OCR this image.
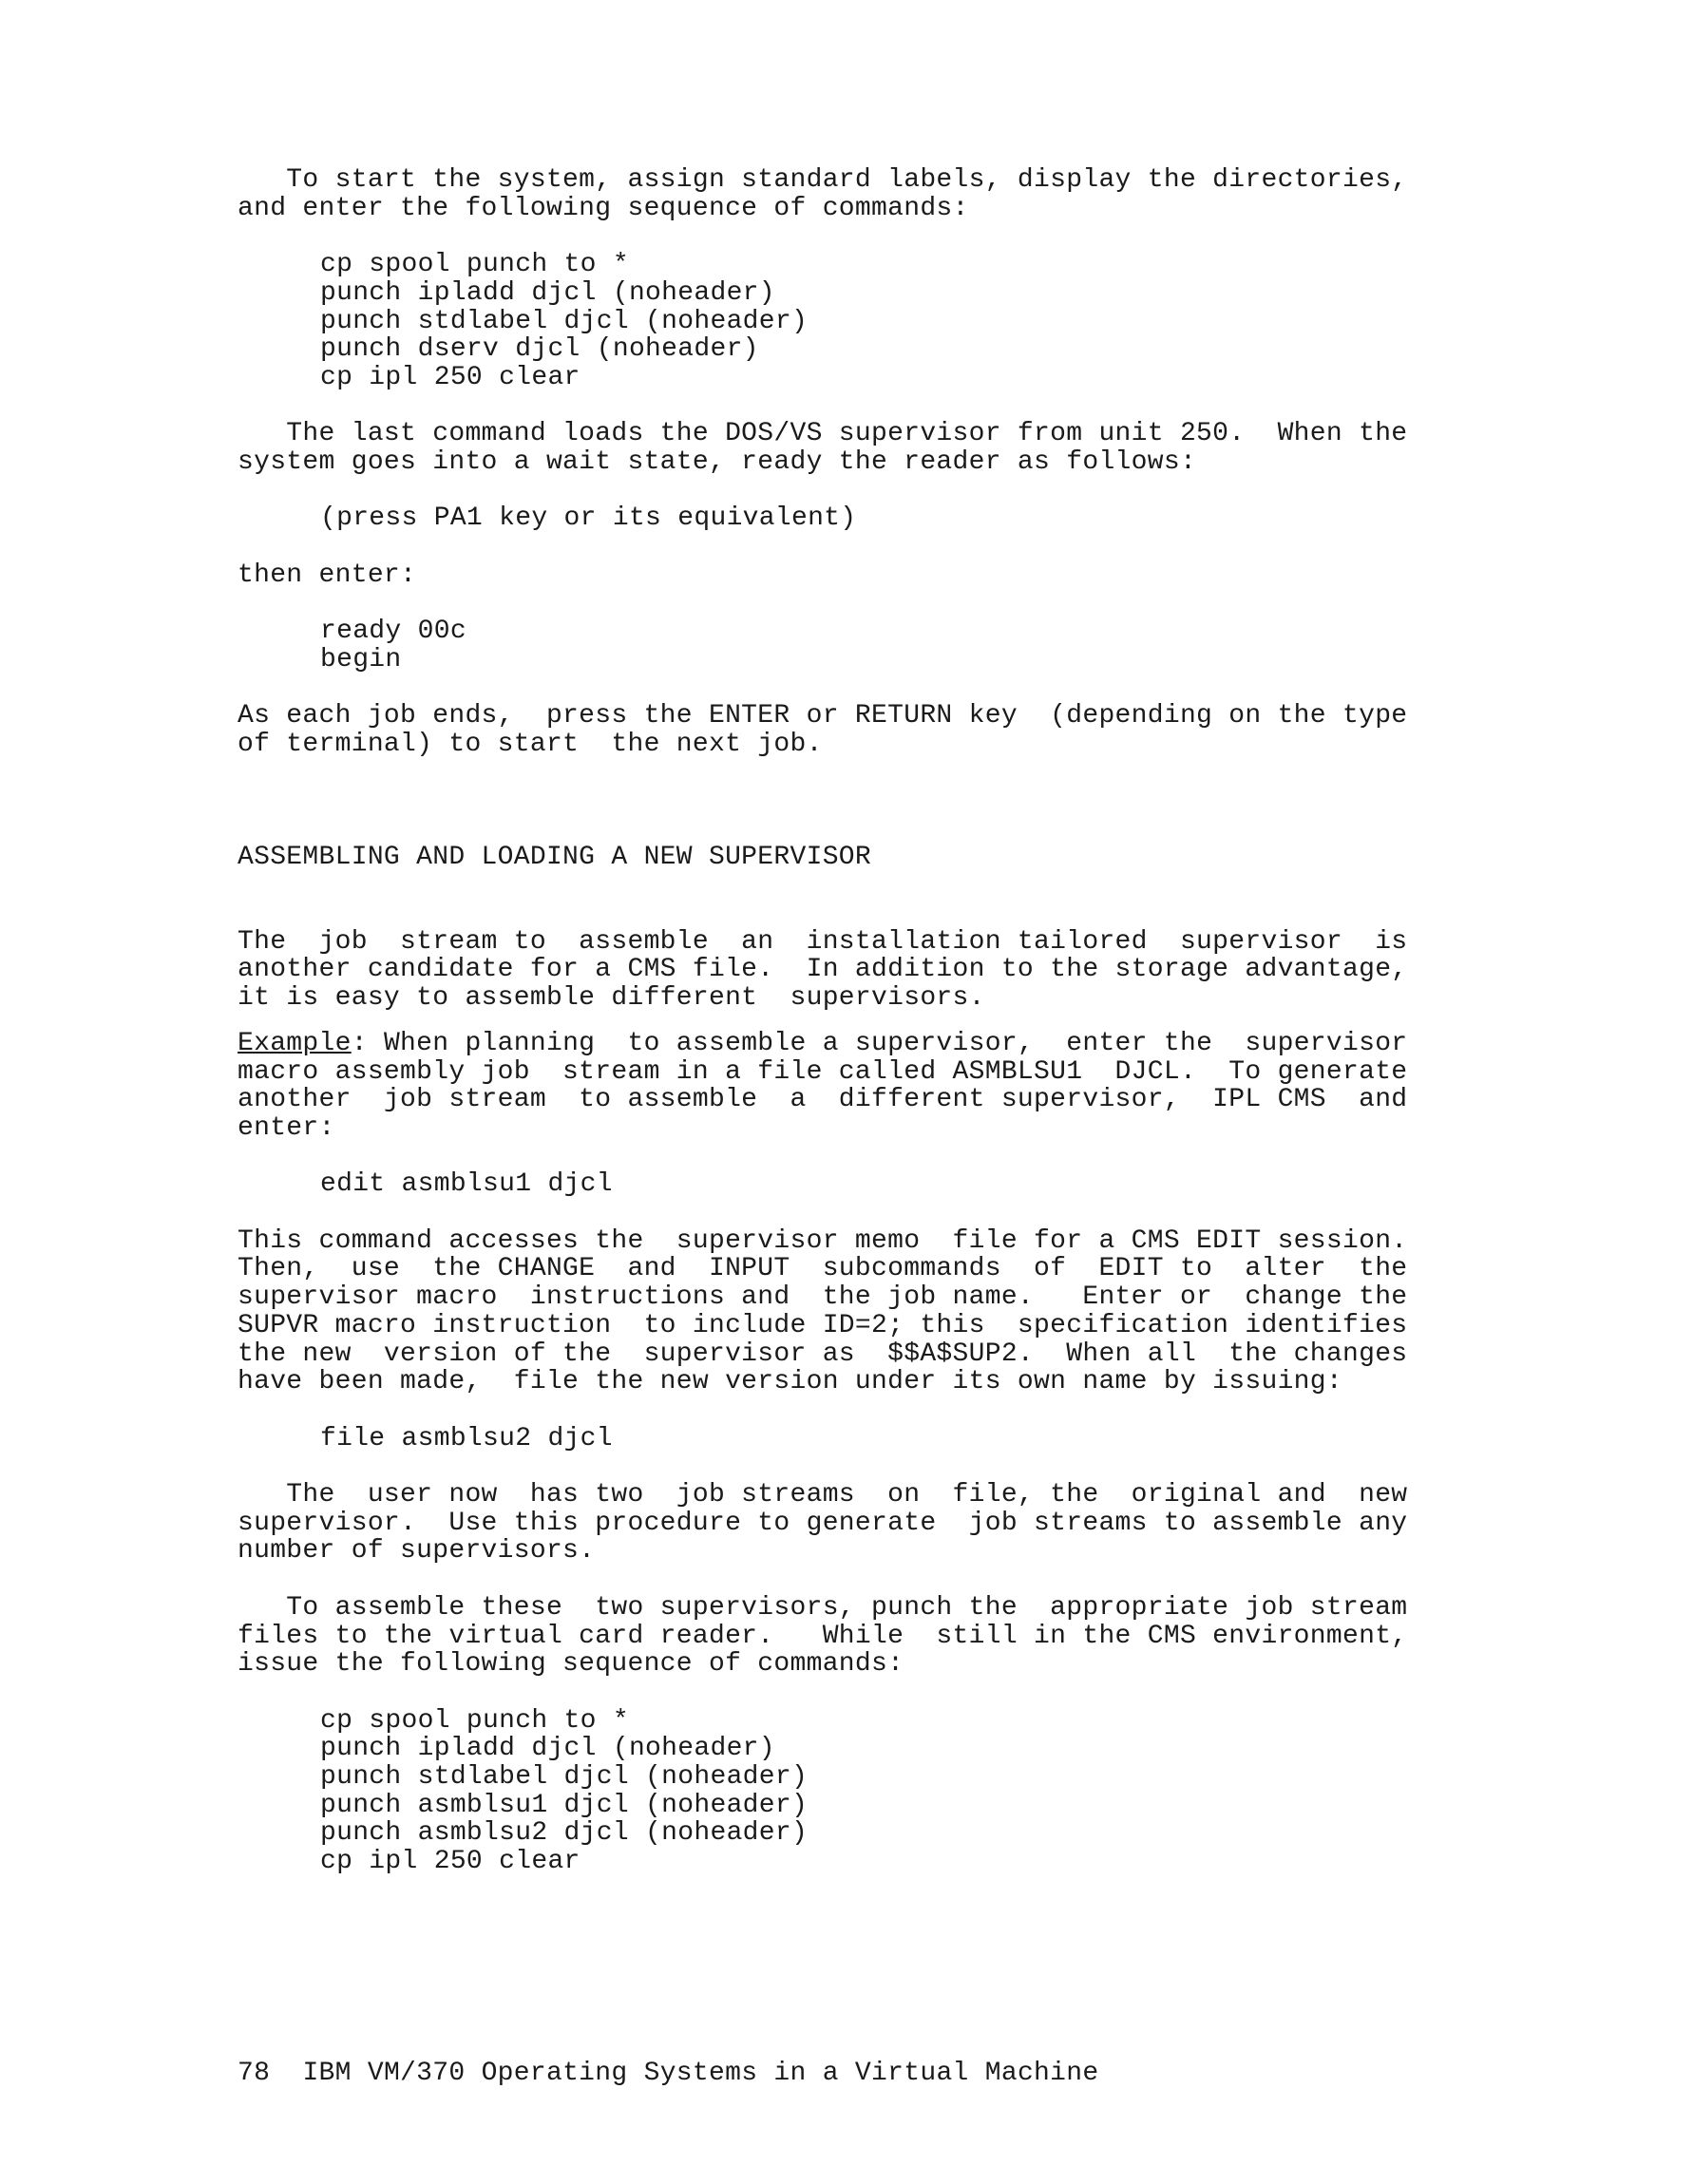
To start the system, assign standard labels, display the directories,
and enter the following sequence of commands:
cp spool punch to *
punch ipladd djcl (noheader)
punch stdlabel djcl (noheader)
punch dserv djcl (noheader)
cp ipl 250 clear
The last command loads the DOS/VS supervisor from unit 250.  When the
system goes into a wait state, ready the reader as follows:
(press PA1 key or its equivalent)
then enter:
ready 00c
begin
As each job ends,  press the ENTER or RETURN key  (depending on the type
of terminal) to start  the next job.
ASSEMBLING AND LOADING A NEW SUPERVISOR
The  job  stream to  assemble  an  installation tailored  supervisor  is
another candidate for a CMS file.  In addition to the storage advantage,
it is easy to assemble different  supervisors.
Example: When planning  to assemble a supervisor,  enter the  supervisor
macro assembly job  stream in a file called ASMBLSU1  DJCL.  To generate
another  job stream  to assemble  a  different supervisor,  IPL CMS  and
enter:
edit asmblsu1 djcl
This command accesses the  supervisor memo  file for a CMS EDIT session.
Then,  use  the CHANGE  and  INPUT  subcommands  of  EDIT to  alter  the
supervisor macro  instructions and  the job name.   Enter or  change the
SUPVR macro instruction  to include ID=2; this  specification identifies
the new  version of the  supervisor as  $$A$SUP2.  When all  the changes
have been made,  file the new version under its own name by issuing:
file asmblsu2 djcl
The  user now  has two  job streams  on  file, the  original and  new
supervisor.  Use this procedure to generate  job streams to assemble any
number of supervisors.
To assemble these  two supervisors, punch the  appropriate job stream
files to the virtual card reader.   While  still in the CMS environment,
issue the following sequence of commands:
cp spool punch to *
punch ipladd djcl (noheader)
punch stdlabel djcl (noheader)
punch asmblsu1 djcl (noheader)
punch asmblsu2 djcl (noheader)
cp ipl 250 clear
78 IBM VM/370 Operating Systems in a Virtual Machine
